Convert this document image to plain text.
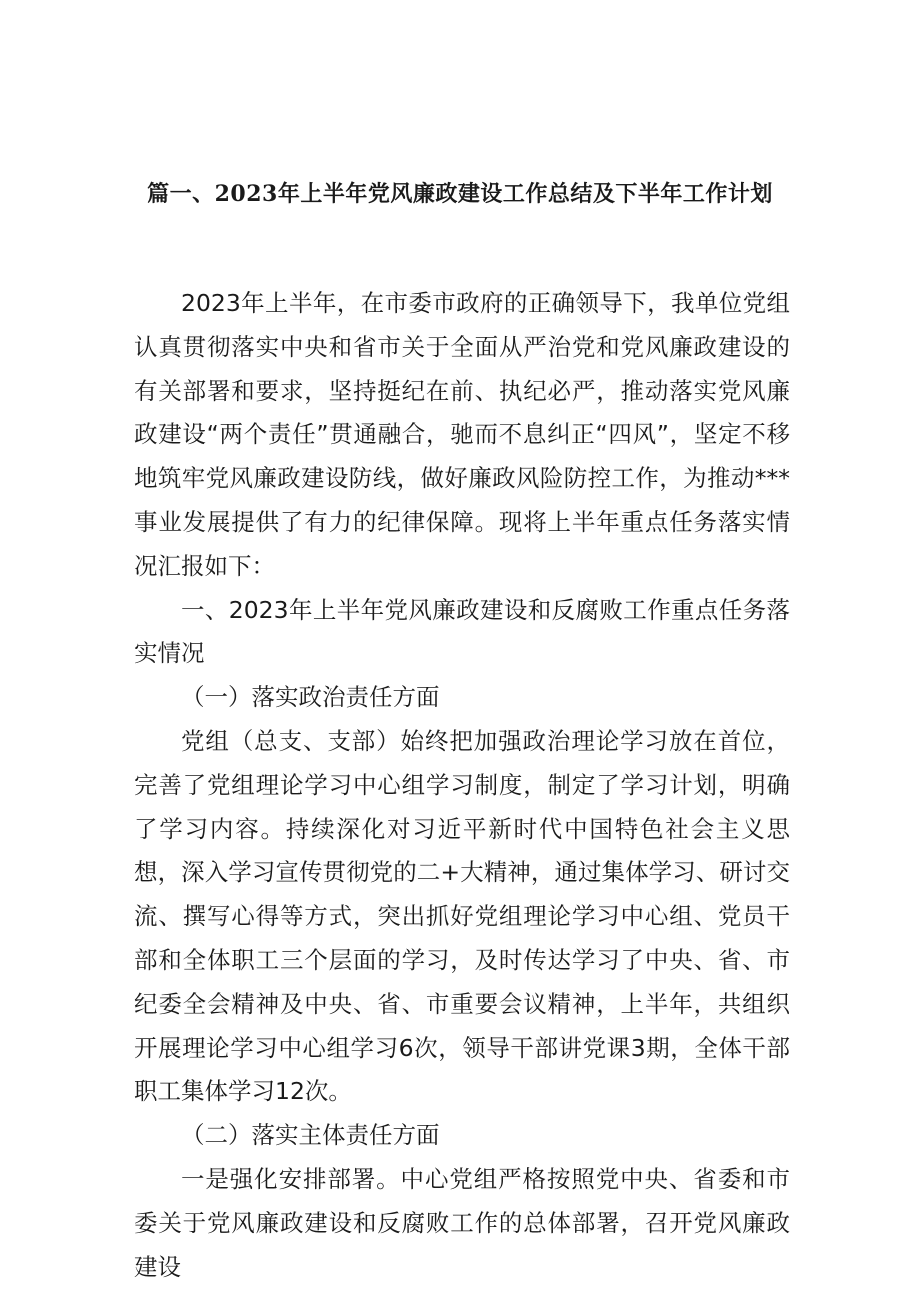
篇一、2023年上半年党风廉政建设工作总结及下半年工作计划

2023年上半年，在市委市政府的正确领导下，我单位党组认真贯彻落实中央和省市关于全面从严治党和党风廉政建设的有关部署和要求，坚持挺纪在前、执纪必严，推动落实党风廉政建设“两个责任”贯通融合，驰而不息纠正“四风”，坚定不移地筑牢党风廉政建设防线，做好廉政风险防控工作，为推动***事业发展提供了有力的纪律保障。现将上半年重点任务落实情况汇报如下：

一、2023年上半年党风廉政建设和反腐败工作重点任务落实情况

（一）落实政治责任方面

党组（总支、支部）始终把加强政治理论学习放在首位，完善了党组理论学习中心组学习制度，制定了学习计划，明确了学习内容。持续深化对习近平新时代中国特色社会主义思想，深入学习宣传贯彻党的二+大精神，通过集体学习、研讨交流、撰写心得等方式，突出抓好党组理论学习中心组、党员干部和全体职工三个层面的学习，及时传达学习了中央、省、市纪委全会精神及中央、省、市重要会议精神，上半年，共组织开展理论学习中心组学习6次，领导干部讲党课3期，全体干部职工集体学习12次。

（二）落实主体责任方面

一是强化安排部署。中心党组严格按照党中央、省委和市委关于党风廉政建设和反腐败工作的总体部署，召开党风廉政建设
